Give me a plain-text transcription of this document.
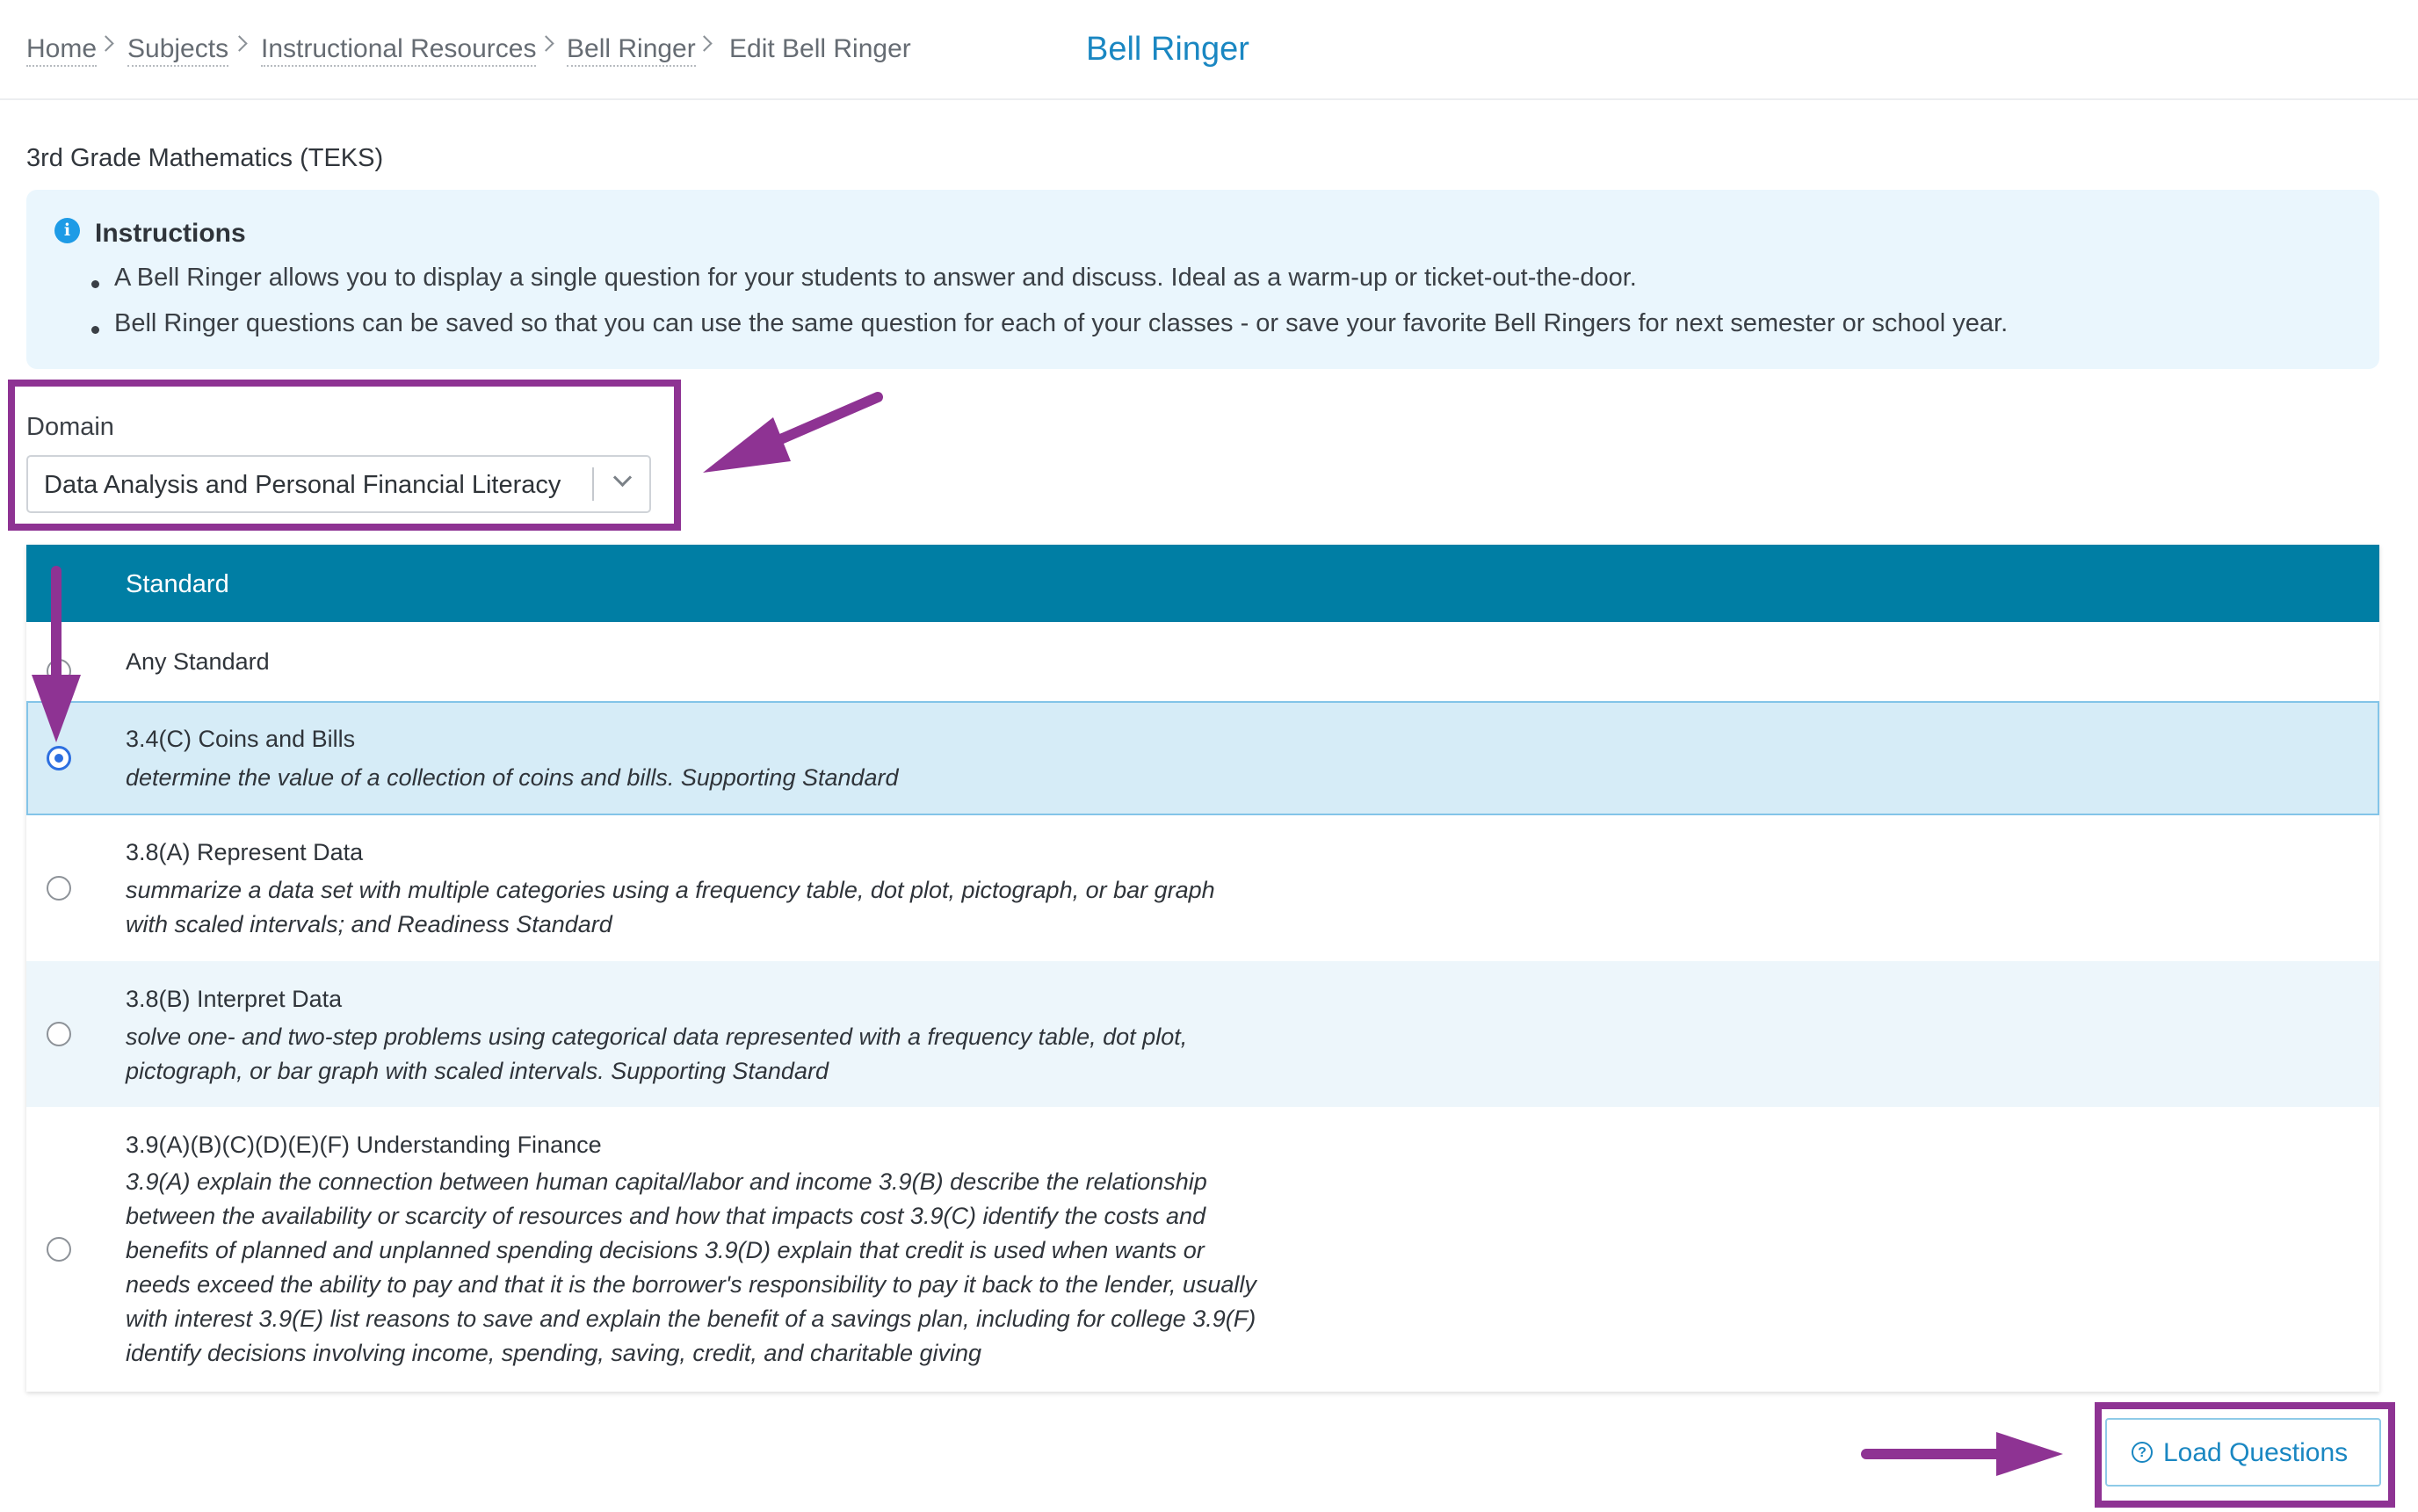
Home Subjects Instructional Resources Bell Ringer Edit Bell Ringer	Bell Ringer
3rd Grade Mathematics (TEKS)
i Instructions
A Bell Ringer allows you to display a single question for your students to answer and discuss. Ideal as a warm-up or ticket-out-the-door.
Bell Ringer questions can be saved so that you can use the same question for each of your classes - or save your favorite Bell Ringers for next semester or school year.
Domain
Data Analysis and Personal Financial Literacy
Standard
Any Standard
3.4(C) Coins and Bills
determine the value of a collection of coins and bills. Supporting Standard
3.8(A) Represent Data
summarize a data set with multiple categories using a frequency table, dot plot, pictograph, or bar graph
with scaled intervals; and Readiness Standard
3.8(B) Interpret Data
solve one- and two-step problems using categorical data represented with a frequency table, dot plot,
pictograph, or bar graph with scaled intervals. Supporting Standard
3.9(A)(B)(C)(D)(E)(F) Understanding Finance
3.9(A) explain the connection between human capital/labor and income 3.9(B) describe the relationship
between the availability or scarcity of resources and how that impacts cost 3.9(C) identify the costs and
benefits of planned and unplanned spending decisions 3.9(D) explain that credit is used when wants or
needs exceed the ability to pay and that it is the borrower's responsibility to pay it back to the lender, usually
with interest 3.9(E) list reasons to save and explain the benefit of a savings plan, including for college 3.9(F)
identify decisions involving income, spending, saving, credit, and charitable giving
? Load Questions
